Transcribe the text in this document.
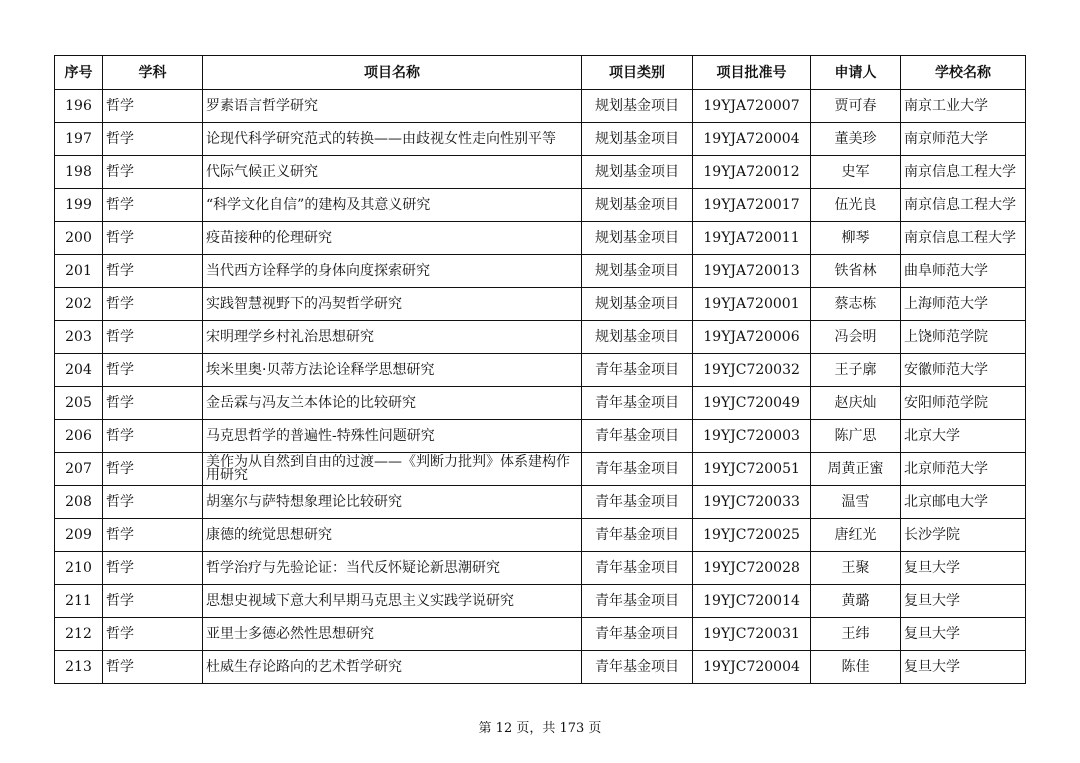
序号	学科	项目名称	项目类别	项目批准号	申请人	学校名称
196	哲学	罗素语言哲学研究	规划基金项目	19YJA720007	贾可春	南京工业大学
197	哲学	论现代科学研究范式的转换——由歧视女性走向性别平等	规划基金项目	19YJA720004	董美珍	南京师范大学
198	哲学	代际气候正义研究	规划基金项目	19YJA720012	史军	南京信息工程大学
199	哲学	“科学文化自信”的建构及其意义研究	规划基金项目	19YJA720017	伍光良	南京信息工程大学
200	哲学	疫苗接种的伦理研究	规划基金项目	19YJA720011	柳琴	南京信息工程大学
201	哲学	当代西方诠释学的身体向度探索研究	规划基金项目	19YJA720013	铁省林	曲阜师范大学
202	哲学	实践智慧视野下的冯契哲学研究	规划基金项目	19YJA720001	蔡志栋	上海师范大学
203	哲学	宋明理学乡村礼治思想研究	规划基金项目	19YJA720006	冯会明	上饶师范学院
204	哲学	埃米里奥·贝蒂方法论诠释学思想研究	青年基金项目	19YJC720032	王子廓	安徽师范大学
205	哲学	金岳霖与冯友兰本体论的比较研究	青年基金项目	19YJC720049	赵庆灿	安阳师范学院
206	哲学	马克思哲学的普遍性-特殊性问题研究	青年基金项目	19YJC720003	陈广思	北京大学
207	哲学	美作为从自然到自由的过渡——《判断力批判》体系建构作用研究	青年基金项目	19YJC720051	周黄正蜜	北京师范大学
208	哲学	胡塞尔与萨特想象理论比较研究	青年基金项目	19YJC720033	温雪	北京邮电大学
209	哲学	康德的统觉思想研究	青年基金项目	19YJC720025	唐红光	长沙学院
210	哲学	哲学治疗与先验论证：当代反怀疑论新思潮研究	青年基金项目	19YJC720028	王聚	复旦大学
211	哲学	思想史视域下意大利早期马克思主义实践学说研究	青年基金项目	19YJC720014	黄璐	复旦大学
212	哲学	亚里士多德必然性思想研究	青年基金项目	19YJC720031	王纬	复旦大学
213	哲学	杜威生存论路向的艺术哲学研究	青年基金项目	19YJC720004	陈佳	复旦大学
第 12 页，共 173 页
